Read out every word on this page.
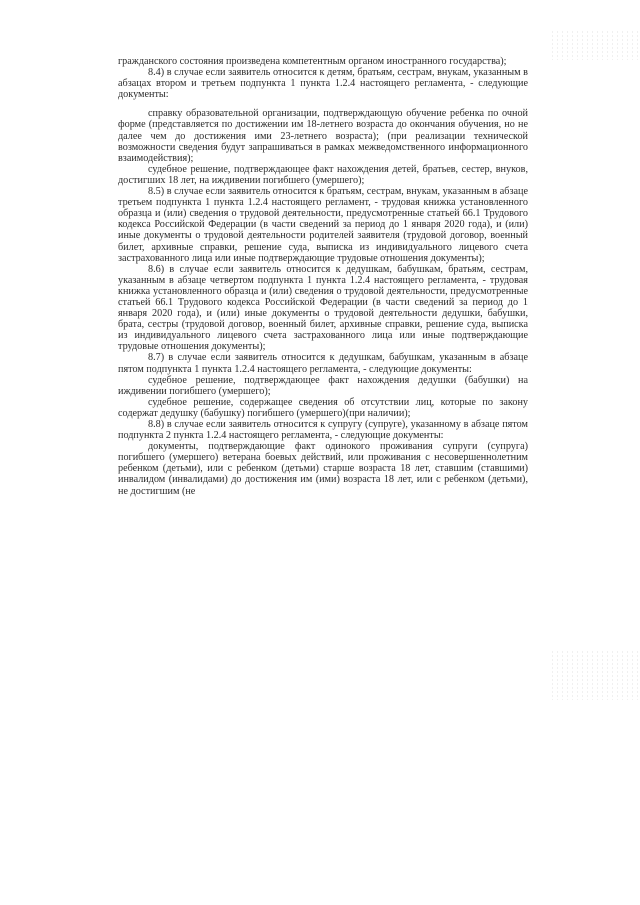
гражданского состояния произведена компетентным органом иностранного государства);

8.4) в случае если заявитель относится к детям, братьям, сестрам, внукам, указанным в абзацах втором и третьем подпункта 1 пункта 1.2.4 настоящего регламента, - следующие документы:

справку образовательной организации, подтверждающую обучение ребенка по очной форме (представляется по достижении им 18-летнего возраста до окончания обучения, но не далее чем до достижения ими 23-летнего возраста); (при реализации технической возможности сведения будут запрашиваться в рамках межведомственного информационного взаимодействия);

судебное решение, подтверждающее факт нахождения детей, братьев, сестер, внуков, достигших 18 лет, на иждивении погибшего (умершего);

8.5) в случае если заявитель относится к братьям, сестрам, внукам, указанным в абзаце третьем подпункта 1 пункта 1.2.4 настоящего регламент, - трудовая книжка установленного образца и (или) сведения о трудовой деятельности, предусмотренные статьей 66.1 Трудового кодекса Российской Федерации (в части сведений за период до 1 января 2020 года), и (или) иные документы о трудовой деятельности родителей заявителя (трудовой договор, военный билет, архивные справки, решение суда, выписка из индивидуального лицевого счета застрахованного лица или иные подтверждающие трудовые отношения документы);

8.6) в случае если заявитель относится к дедушкам, бабушкам, братьям, сестрам, указанным в абзаце четвертом подпункта 1 пункта 1.2.4 настоящего регламента, - трудовая книжка установленного образца и (или) сведения о трудовой деятельности, предусмотренные статьей 66.1 Трудового кодекса Российской Федерации (в части сведений за период до 1 января 2020 года), и (или) иные документы о трудовой деятельности дедушки, бабушки, брата, сестры (трудовой договор, военный билет, архивные справки, решение суда, выписка из индивидуального лицевого счета застрахованного лица или иные подтверждающие трудовые отношения документы);

8.7) в случае если заявитель относится к дедушкам, бабушкам, указанным в абзаце пятом подпункта 1 пункта 1.2.4 настоящего регламента, - следующие документы:

судебное решение, подтверждающее факт нахождения дедушки (бабушки) на иждивении погибшего (умершего);

судебное решение, содержащее сведения об отсутствии лиц, которые по закону содержат дедушку (бабушку) погибшего (умершего)(при наличии);

8.8) в случае если заявитель относится к супругу (супруге), указанному в абзаце пятом подпункта 2 пункта 1.2.4 настоящего регламента, - следующие документы:

документы, подтверждающие факт одинокого проживания супруги (супруга) погибшего (умершего) ветерана боевых действий, или проживания с несовершеннолетним ребенком (детьми), или с ребенком (детьми) старше возраста 18 лет, ставшим (ставшими) инвалидом (инвалидами) до достижения им (ими) возраста 18 лет, или с ребенком (детьми), не достигшим (не
